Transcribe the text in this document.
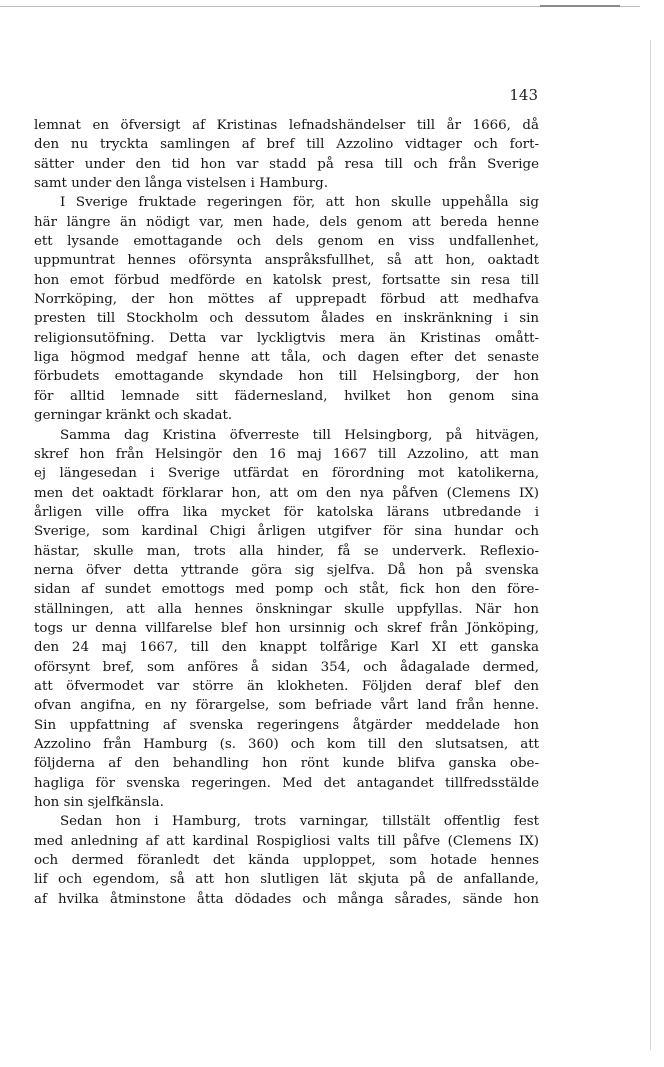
143
lemnat en öfversigt af Kristinas lefnadshändelser till år 1666, då
den nu tryckta samlingen af bref till Azzolino vidtager och fort-
sätter under den tid hon var stadd på resa till och från Sverige
samt under den långa vistelsen i Hamburg.
I Sverige fruktade regeringen för, att hon skulle uppehålla sig
här längre än nödigt var, men hade, dels genom att bereda henne
ett lysande emottagande och dels genom en viss undfallenhet,
uppmuntrat hennes oförsynta anspråksfullhet, så att hon, oaktadt
hon emot förbud medförde en katolsk prest, fortsatte sin resa till
Norrköping, der hon möttes af upprepadt förbud att medhafva
presten till Stockholm och dessutom ålades en inskränkning i sin
religionsutöfning. Detta var lyckligtvis mera än Kristinas omått-
liga högmod medgaf henne att tåla, och dagen efter det senaste
förbudets emottagande skyndade hon till Helsingborg, der hon
för alltid lemnade sitt fädernesland, hvilket hon genom sina
gerningar kränkt och skadat.
Samma dag Kristina öfverreste till Helsingborg, på hitvägen,
skref hon från Helsingör den 16 maj 1667 till Azzolino, att man
ej längesedan i Sverige utfärdat en förordning mot katolikerna,
men det oaktadt förklarar hon, att om den nya påfven (Clemens IX)
årligen ville offra lika mycket för katolska lärans utbredande i
Sverige, som kardinal Chigi årligen utgifver för sina hundar och
hästar, skulle man, trots alla hinder, få se underverk. Reflexio-
nerna öfver detta yttrande göra sig sjelfva. Då hon på svenska
sidan af sundet emottogs med pomp och ståt, fick hon den före-
ställningen, att alla hennes önskningar skulle uppfyllas. När hon
togs ur denna villfarelse blef hon ursinnig och skref från Jönköping,
den 24 maj 1667, till den knappt tolfårige Karl XI ett ganska
oförsynt bref, som anföres å sidan 354, och ådagalade dermed,
att öfvermodet var större än klokheten. Följden deraf blef den
ofvan angifna, en ny förargelse, som befriade vårt land från henne.
Sin uppfattning af svenska regeringens åtgärder meddelade hon
Azzolino från Hamburg (s. 360) och kom till den slutsatsen, att
följderna af den behandling hon rönt kunde blifva ganska obe-
hagliga för svenska regeringen. Med det antagandet tillfredsstälde
hon sin sjelfkänsla.
Sedan hon i Hamburg, trots varningar, tillstält offentlig fest
med anledning af att kardinal Rospigliosi valts till påfve (Clemens IX)
och dermed föranledt det kända upploppet, som hotade hennes
lif och egendom, så att hon slutligen lät skjuta på de anfallande,
af hvilka åtminstone åtta dödades och många sårades, sände hon
